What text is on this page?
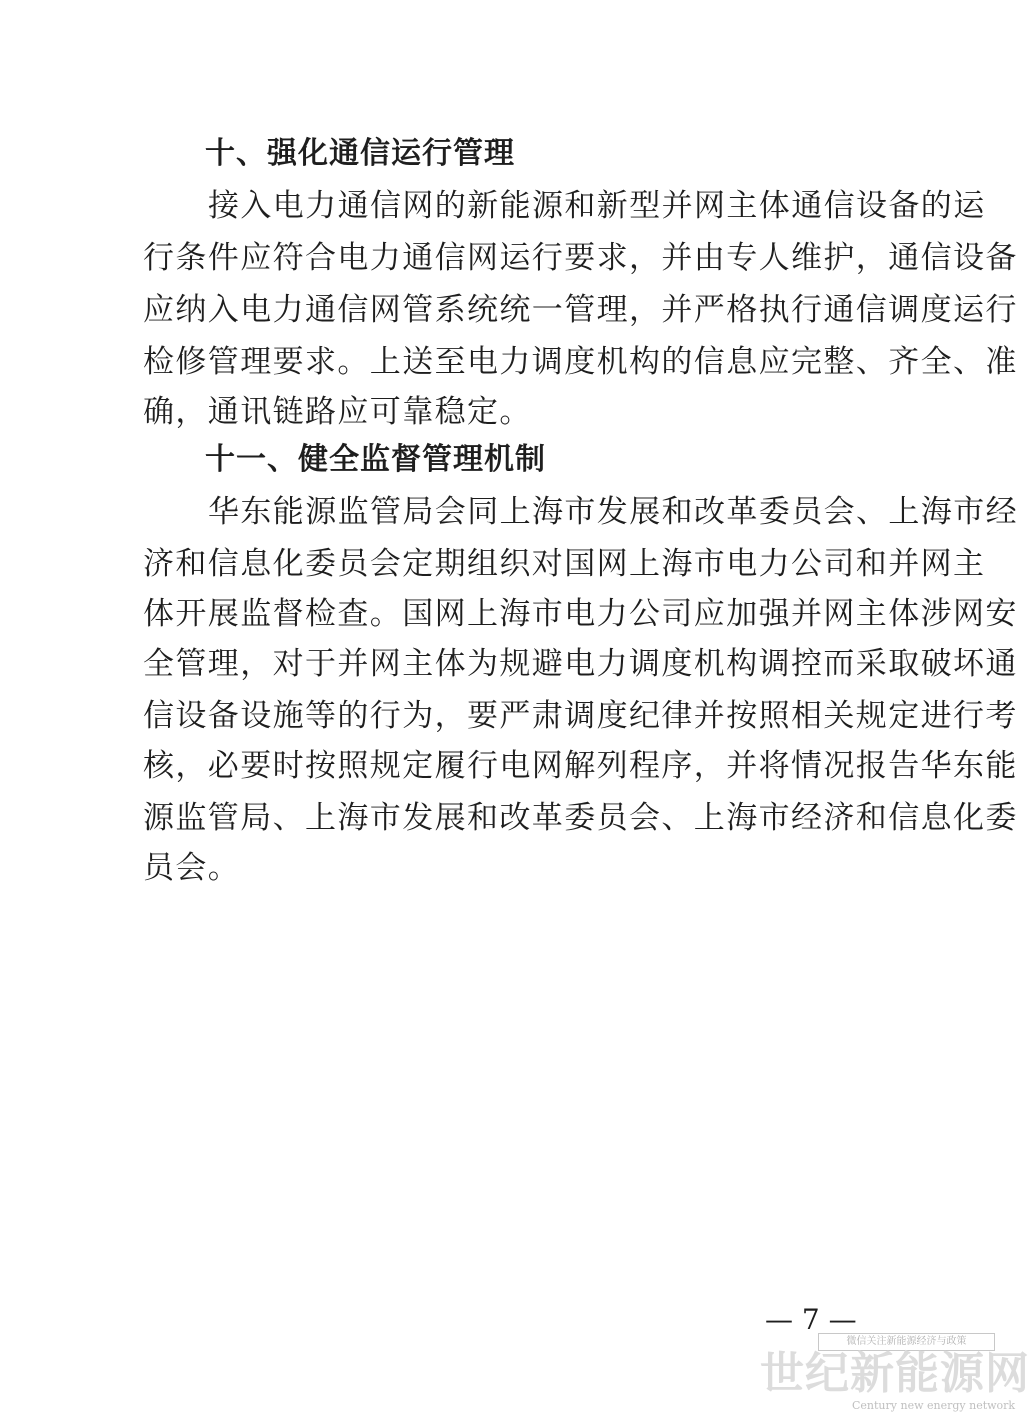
十、强化通信运行管理
接入电力通信网的新能源和新型并网主体通信设备的运
行条件应符合电力通信网运行要求，并由专人维护，通信设备
应纳入电力通信网管系统统一管理，并严格执行通信调度运行
检修管理要求。上送至电力调度机构的信息应完整、齐全、准
确，通讯链路应可靠稳定。
十一、健全监督管理机制
华东能源监管局会同上海市发展和改革委员会、上海市经
济和信息化委员会定期组织对国网上海市电力公司和并网主
体开展监督检查。国网上海市电力公司应加强并网主体涉网安
全管理，对于并网主体为规避电力调度机构调控而采取破坏通
信设备设施等的行为，要严肃调度纪律并按照相关规定进行考
核，必要时按照规定履行电网解列程序，并将情况报告华东能
源监管局、上海市发展和改革委员会、上海市经济和信息化委
员会。
— 7 —
微信关注新能源经济与政策
世纪新能源网
Century new energy network
